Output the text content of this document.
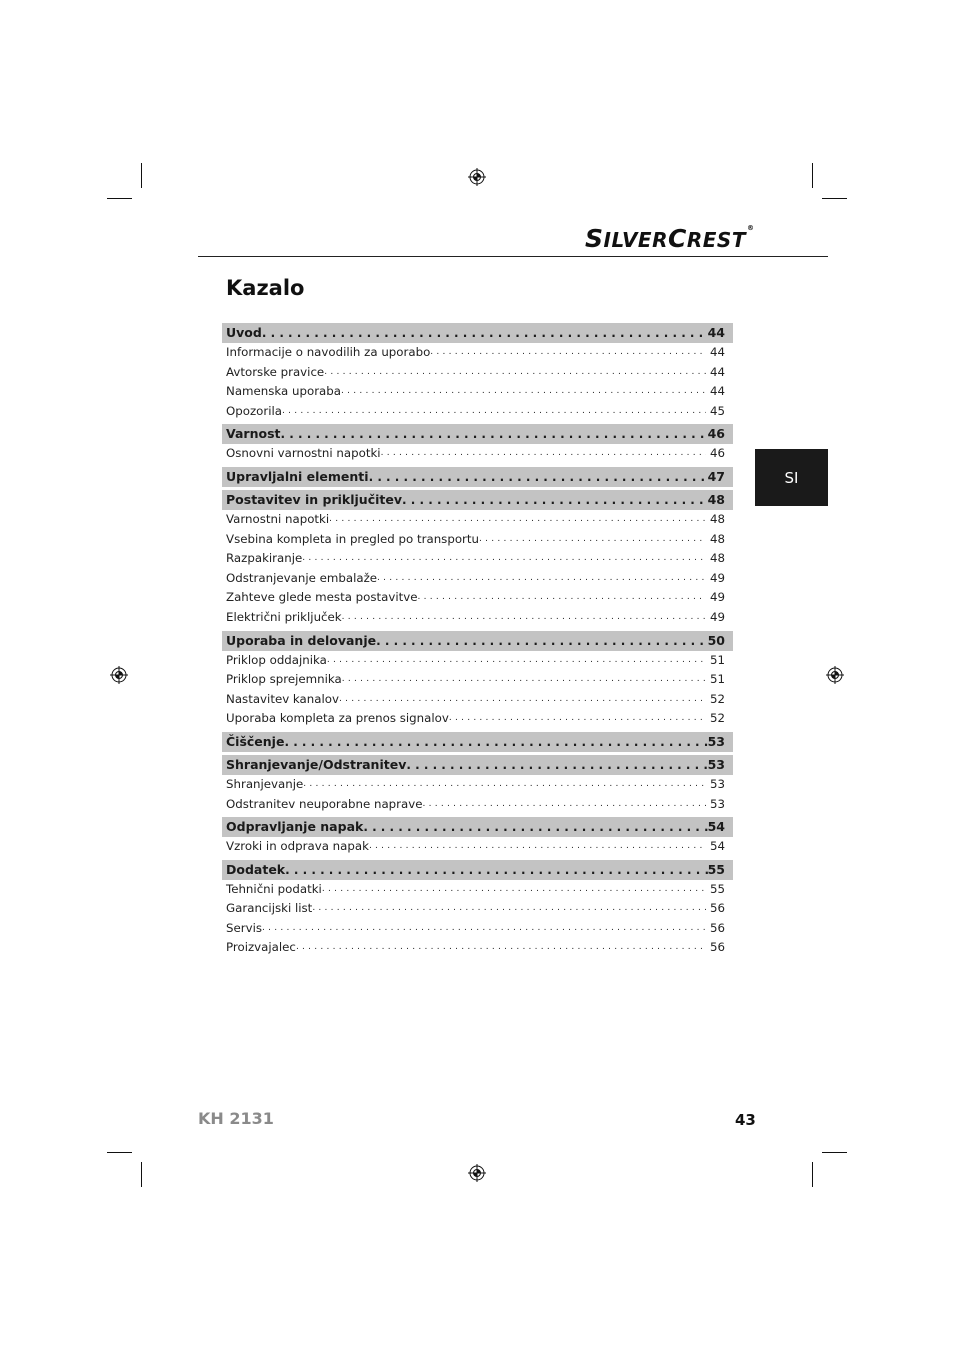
SILVERCREST®
Kazalo
SI
Uvod . . .	44
Informacije o navodilih za uporabo . . .	44
Avtorske pravice . . .	44
Namenska uporaba . . .	44
Opozorila . . .	45
Varnost . . .	46
Osnovni varnostni napotki . . .	46
Upravljalni elementi . . .	47
Postavitev in priključitev . . .	48
Varnostni napotki . . .	48
Vsebina kompleta in pregled po transportu . . .	48
Razpakiranje . . .	48
Odstranjevanje embalaže . . .	49
Zahteve glede mesta postavitve . . .	49
Električni priključek . . .	49
Uporaba in delovanje . . .	50
Priklop oddajnika . . .	51
Priklop sprejemnika . . .	51
Nastavitev kanalov . . .	52
Uporaba kompleta za prenos signalov . . .	52
Čiščenje . . .	53
Shranjevanje/Odstranitev . . .	53
Shranjevanje . . .	53
Odstranitev neuporabne naprave . . .	53
Odpravljanje napak . . .	54
Vzroki in odprava napak . . .	54
Dodatek . . .	55
Tehnični podatki . . .	55
Garancijski list . . .	56
Servis . . .	56
Proizvajalec . . .	56
KH 2131	43
